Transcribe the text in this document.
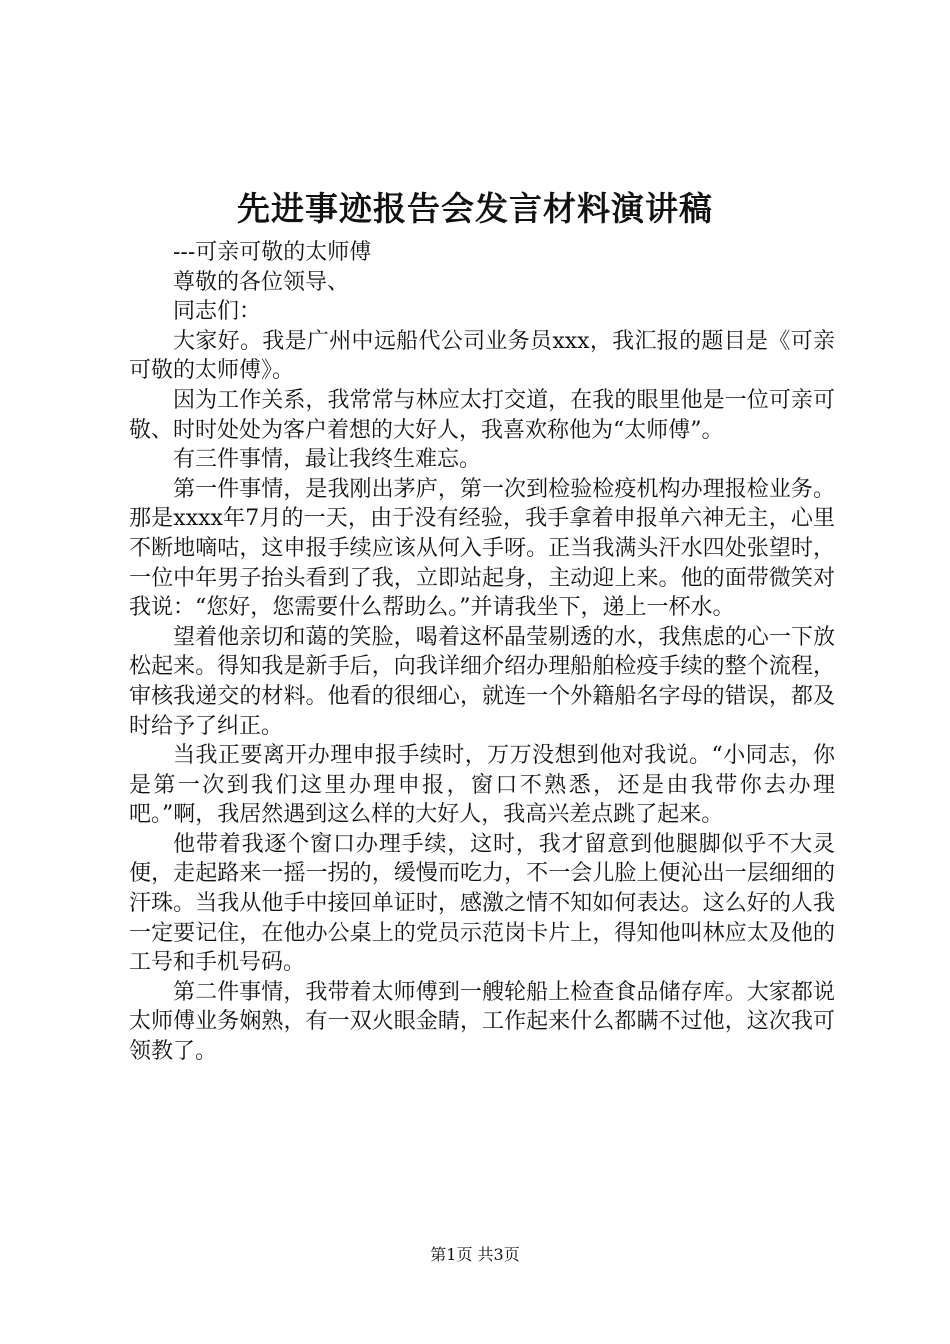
先进事迹报告会发言材料演讲稿

---可亲可敬的太师傅

尊敬的各位领导、

同志们：

大家好。我是广州中远船代公司业务员xxx，我汇报的题目是《可亲可敬的太师傅》。

因为工作关系，我常常与林应太打交道，在我的眼里他是一位可亲可敬、时时处处为客户着想的大好人，我喜欢称他为“太师傅”。

有三件事情，最让我终生难忘。

第一件事情，是我刚出茅庐，第一次到检验检疫机构办理报检业务。那是xxxx年7月的一天，由于没有经验，我手拿着申报单六神无主，心里不断地嘀咕，这申报手续应该从何入手呀。正当我满头汗水四处张望时，一位中年男子抬头看到了我，立即站起身，主动迎上来。他的面带微笑对我说：“您好，您需要什么帮助么。”并请我坐下，递上一杯水。

望着他亲切和蔼的笑脸，喝着这杯晶莹剔透的水，我焦虑的心一下放松起来。得知我是新手后，向我详细介绍办理船舶检疫手续的整个流程，审核我递交的材料。他看的很细心，就连一个外籍船名字母的错误，都及时给予了纠正。

当我正要离开办理申报手续时，万万没想到他对我说。“小同志，你是第一次到我们这里办理申报，窗口不熟悉，还是由我带你去办理吧。”啊，我居然遇到这么样的大好人，我高兴差点跳了起来。

他带着我逐个窗口办理手续，这时，我才留意到他腿脚似乎不大灵便，走起路来一摇一拐的，缓慢而吃力，不一会儿脸上便沁出一层细细的汗珠。当我从他手中接回单证时，感激之情不知如何表达。这么好的人我一定要记住，在他办公桌上的党员示范岗卡片上，得知他叫林应太及他的工号和手机号码。

第二件事情，我带着太师傅到一艘轮船上检查食品储存库。大家都说太师傅业务娴熟，有一双火眼金睛，工作起来什么都瞒不过他，这次我可领教了。

第1页 共3页
